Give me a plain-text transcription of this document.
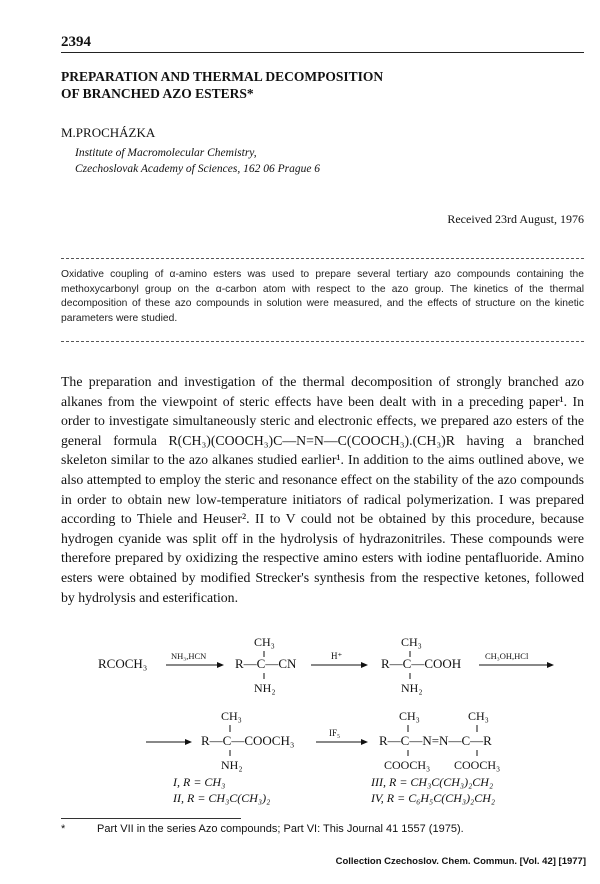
2394
PREPARATION AND THERMAL DECOMPOSITION
OF BRANCHED AZO ESTERS*
M.PROCHÁZKA
Institute of Macromolecular Chemistry,
Czechoslovak Academy of Sciences, 162 06 Prague 6
Received 23rd August, 1976
Oxidative coupling of α-amino esters was used to prepare several tertiary azo compounds containing the methoxycarbonyl group on the α-carbon atom with respect to the azo group. The kinetics of the thermal decomposition of these azo compounds in solution were measured, and the effects of structure on the kinetic parameters were studied.

The preparation and investigation of the thermal decomposition of strongly branched azo alkanes from the viewpoint of steric effects have been dealt with in a preceding paper¹. In order to investigate simultaneously steric and electronic effects, we prepared azo esters of the general formula R(CH₃)(COOCH₃)C—N=N—C(COOCH₃).(CH₃)R having a branched skeleton similar to the azo alkanes studied earlier¹. In addition to the aims outlined above, we also attempted to employ the steric and resonance effect on the stability of the azo compounds in order to obtain new low-temperature initiators of radical polymerization. I was prepared according to Thiele and Heuser². II to V could not be obtained by this procedure, because hydrogen cyanide was split off in the hydrolysis of hydrazonitriles. These compounds were therefore prepared by oxidizing the respective amino esters with iodine pentafluoride. Amino esters were obtained by modified Strecker's synthesis from the respective ketones, followed by hydrolysis and esterification.

RCOCH₃	NH₃,HCN
CH₃
R—C—CN
NH₂
H⁺
CH₃
R—C—COOH
NH₂
CH₃OH,HCl
CH₃
R—C—COOCH₃
NH₂
IF₅
CH₃	CH₃
R—C—N=N—C—R
COOCH₃ COOCH₃
I, R = CH₃
II, R = CH₃C(CH₃)₂
III, R = CH₃C(CH₃)₂CH₂
IV, R = C₆H₅C(CH₃)₂CH₂
*	Part VII in the series Azo compounds; Part VI: This Journal 41 1557 (1975).
Collection Czechoslov. Chem. Commun. [Vol. 42] [1977]
